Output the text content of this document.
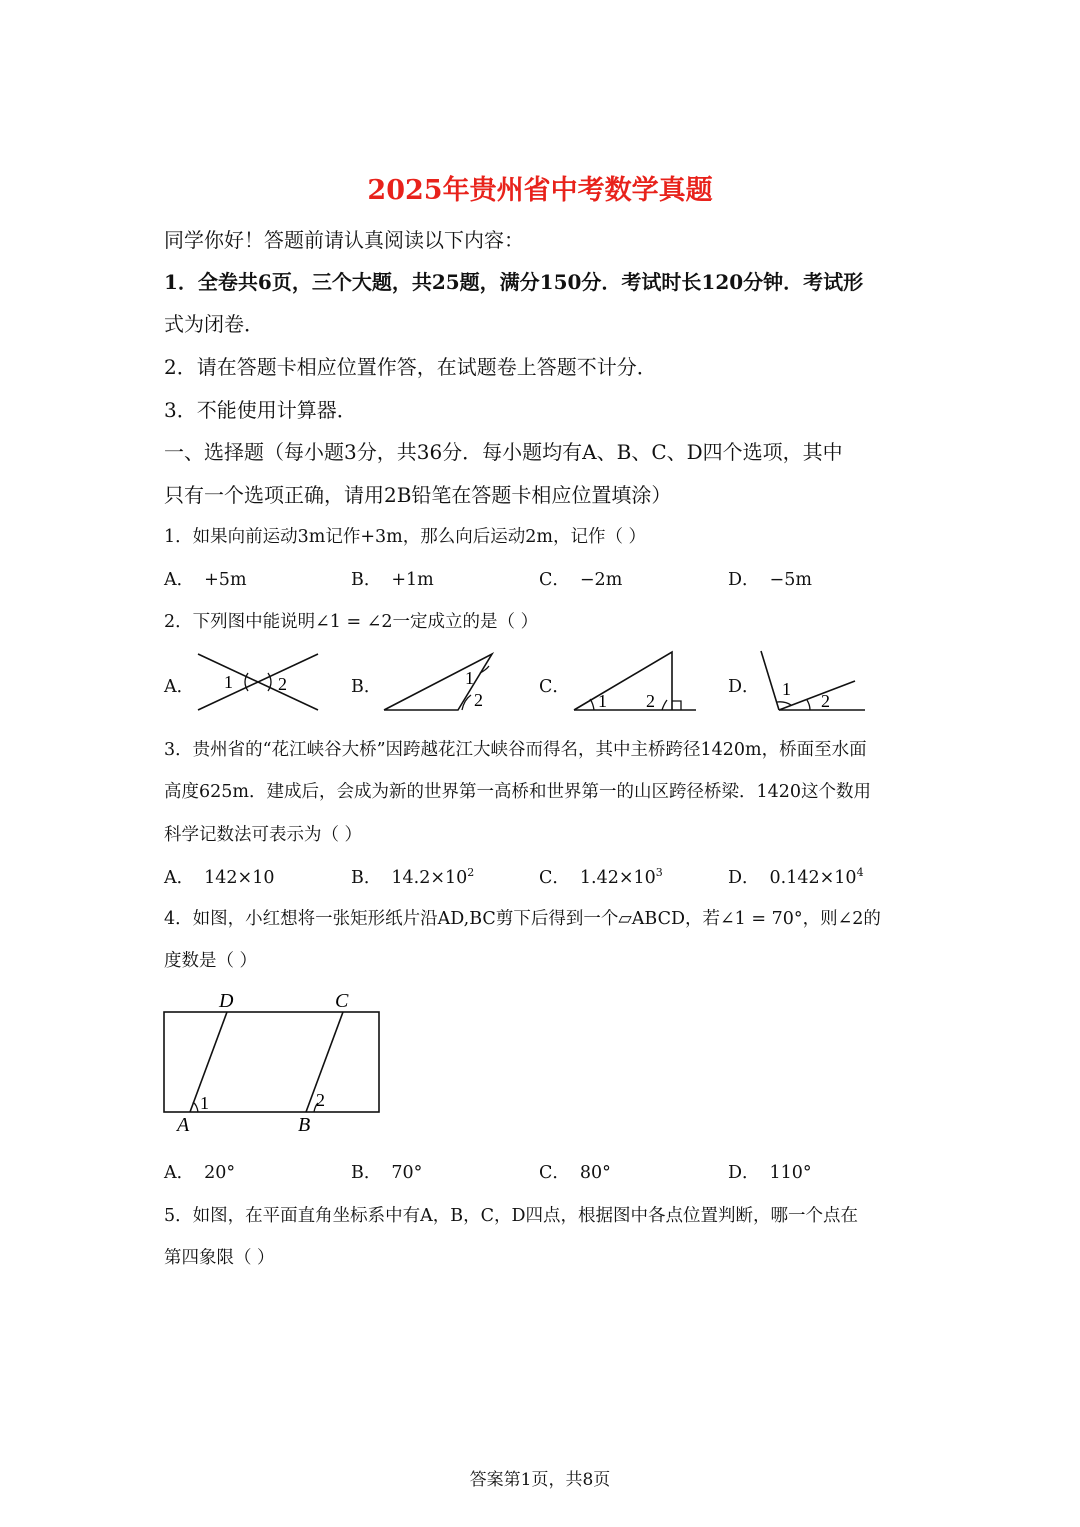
2025年贵州省中考数学真题
同学你好！答题前请认真阅读以下内容：
1．全卷共6页，三个大题，共25题，满分150分．考试时长120分钟．考试形
式为闭卷．
2．请在答题卡相应位置作答，在试题卷上答题不计分．
3．不能使用计算器．
一、选择题（每小题3分，共36分．每小题均有A、B、C、D四个选项，其中
只有一个选项正确，请用2B铅笔在答题卡相应位置填涂）
1．如果向前运动3m记作+3m，那么向后运动2m，记作（ ）
A． +5m	B． +1m	C． −2m	D． −5m
2．下列图中能说明∠1 = ∠2一定成立的是（ ）
A． 1	2	B．	1
2
C．
1 2
D． 1
2
3．贵州省的“花江峡谷大桥”因跨越花江大峡谷而得名，其中主桥跨径1420m，桥面至水面
高度625m．建成后，会成为新的世界第一高桥和世界第一的山区跨径桥梁．1420这个数用
科学记数法可表示为（ ）
A． 142×10	B． $14.2\times 10^2$	C． $1.42\times 10^3$	D． $0.142\times 10^4$
4．如图，小红想将一张矩形纸片沿AD,BC剪下后得到一个▱ABCD，若∠1 = 70°，则∠2的
度数是（ ）
D	C
A	B
1	2
A． 20°	B． 70°	C． 80°	D． 110°
5．如图，在平面直角坐标系中有A，B，C，D四点，根据图中各点位置判断，哪一个点在
第四象限（ ）
答案第1页，共8页
